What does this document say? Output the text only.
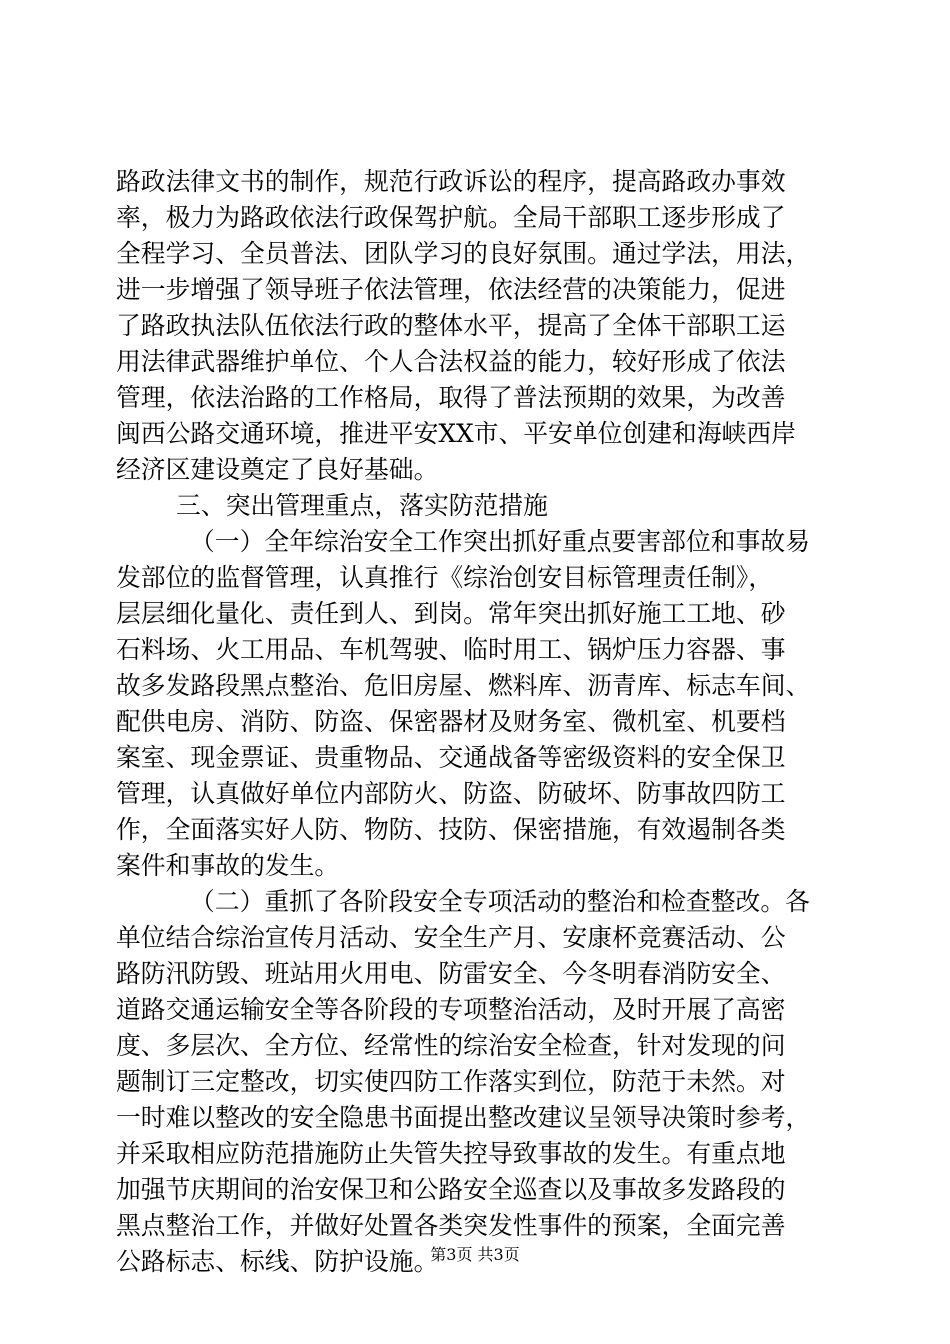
路政法律文书的制作，规范行政诉讼的程序，提高路政办事效
率，极力为路政依法行政保驾护航。全局干部职工逐步形成了
全程学习、全员普法、团队学习的良好氛围。通过学法，用法，
进一步增强了领导班子依法管理，依法经营的决策能力，促进
了路政执法队伍依法行政的整体水平，提高了全体干部职工运
用法律武器维护单位、个人合法权益的能力，较好形成了依法
管理，依法治路的工作格局，取得了普法预期的效果，为改善
闽西公路交通环境，推进平安XX市、平安单位创建和海峡西岸
经济区建设奠定了良好基础。
三、突出管理重点，落实防范措施
（一）全年综治安全工作突出抓好重点要害部位和事故易
发部位的监督管理，认真推行《综治创安目标管理责任制》，
层层细化量化、责任到人、到岗。常年突出抓好施工工地、砂
石料场、火工用品、车机驾驶、临时用工、锅炉压力容器、事
故多发路段黑点整治、危旧房屋、燃料库、沥青库、标志车间、
配供电房、消防、防盗、保密器材及财务室、微机室、机要档
案室、现金票证、贵重物品、交通战备等密级资料的安全保卫
管理，认真做好单位内部防火、防盗、防破坏、防事故四防工
作，全面落实好人防、物防、技防、保密措施，有效遏制各类
案件和事故的发生。
（二）重抓了各阶段安全专项活动的整治和检查整改。各
单位结合综治宣传月活动、安全生产月、安康杯竞赛活动、公
路防汛防毁、班站用火用电、防雷安全、今冬明春消防安全、
道路交通运输安全等各阶段的专项整治活动，及时开展了高密
度、多层次、全方位、经常性的综治安全检查，针对发现的问
题制订三定整改，切实使四防工作落实到位，防范于未然。对
一时难以整改的安全隐患书面提出整改建议呈领导决策时参考，
并采取相应防范措施防止失管失控导致事故的发生。有重点地
加强节庆期间的治安保卫和公路安全巡查以及事故多发路段的
黑点整治工作，并做好处置各类突发性事件的预案，全面完善
公路标志、标线、防护设施。
第3页 共3页
